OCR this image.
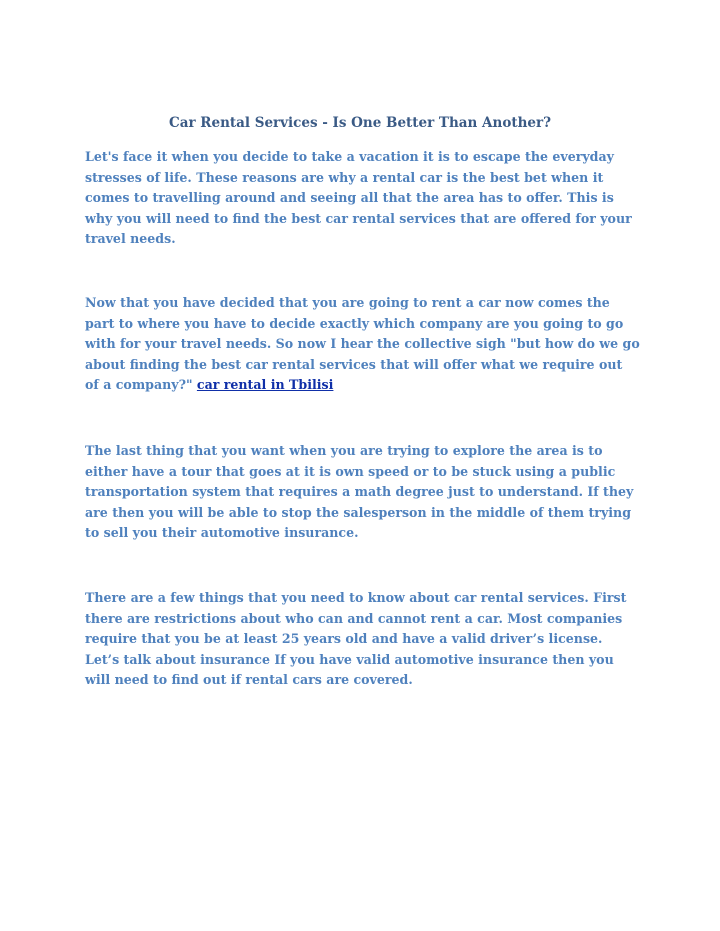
Car Rental Services - Is One Better Than Another?

Let's face it when you decide to take a vacation it is to escape the everyday stresses of life. These reasons are why a rental car is the best bet when it comes to travelling around and seeing all that the area has to offer. This is why you will need to find the best car rental services that are offered for your travel needs.

Now that you have decided that you are going to rent a car now comes the part to where you have to decide exactly which company are you going to go with for your travel needs. So now I hear the collective sigh "but how do we go about finding the best car rental services that will offer what we require out of a company?" car rental in Tbilisi

The last thing that you want when you are trying to explore the area is to either have a tour that goes at it is own speed or to be stuck using a public transportation system that requires a math degree just to understand. If they are then you will be able to stop the salesperson in the middle of them trying to sell you their automotive insurance.

There are a few things that you need to know about car rental services. First there are restrictions about who can and cannot rent a car. Most companies require that you be at least 25 years old and have a valid driver’s license. Let’s talk about insurance If you have valid automotive insurance then you will need to find out if rental cars are covered.
